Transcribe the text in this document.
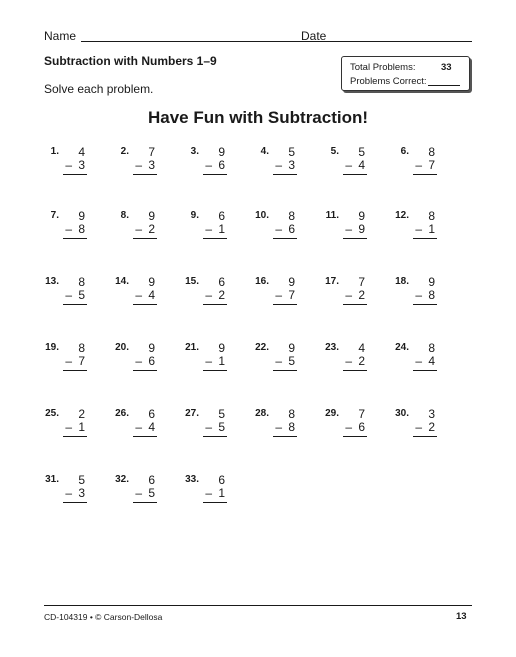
Name	Date
Subtraction with Numbers 1–9
Solve each problem.
Total Problems:	33
Problems Correct:
Have Fun with Subtraction!
1. 4
– 3
2. 7
– 3
3. 9
– 6
4. 5
– 3
5. 5
– 4
6. 8
– 7
7. 9
– 8
8. 9
– 2
9. 6
– 1
10. 8
– 6
11. 9
– 9
12. 8
– 1
13. 8
– 5
14. 9
– 4
15. 6
– 2
16. 9
– 7
17. 7
– 2
18. 9
– 8
19. 8
– 7
20. 9
– 6
21. 9
– 1
22. 9
– 5
23. 4
– 2
24. 8
– 4
25. 2
– 1
26. 6
– 4
27. 5
– 5
28. 8
– 8
29. 7
– 6
30. 3
– 2
31. 5
– 3
32. 6
– 5
33. 6
– 1
CD-104319 • © Carson-Dellosa	13
